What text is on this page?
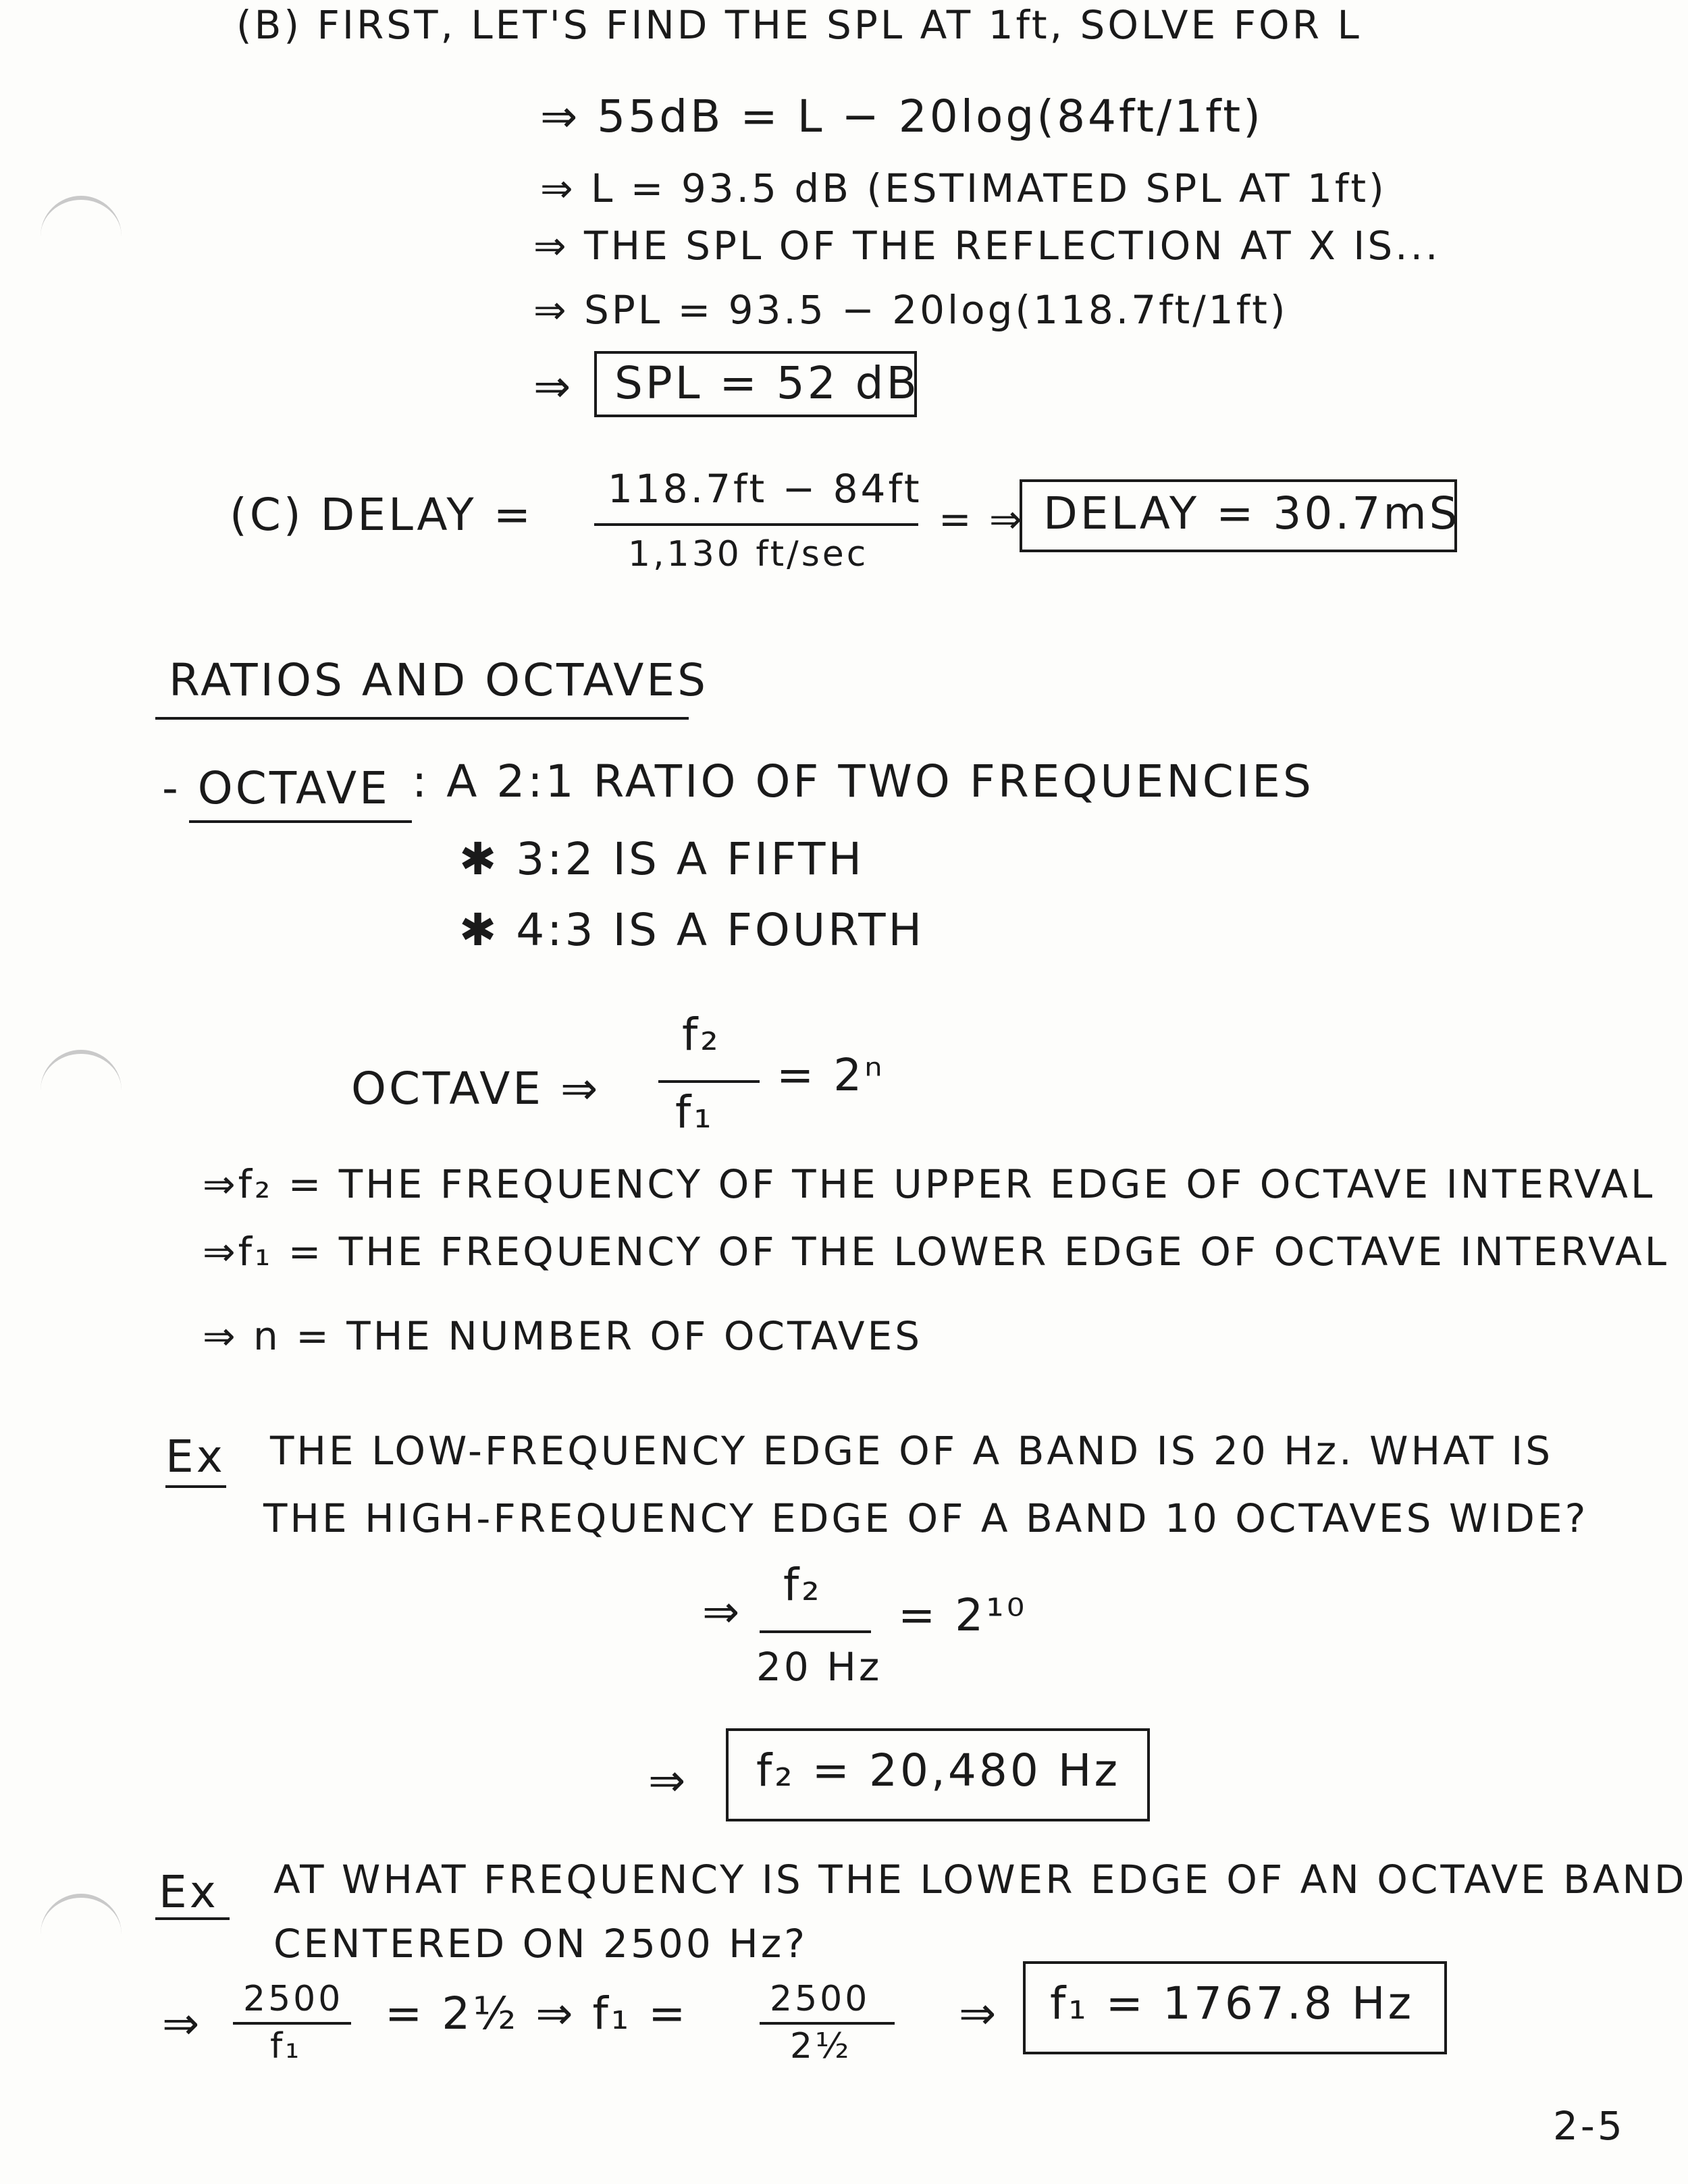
(B) FIRST, LET'S FIND THE SPL AT 1ft, SOLVE FOR L
⇒ 55dB = L − 20log(84ft/1ft)
⇒ L = 93.5 dB (ESTIMATED SPL AT 1ft)
⇒ THE SPL OF THE REFLECTION AT X IS...
⇒ SPL = 93.5 − 20log(118.7ft/1ft)
⇒ SPL = 52 dB
(C) DELAY = 118.7ft − 84ft
1,130 ft/sec
= ⇒ DELAY = 30.7mS
RATIOS AND OCTAVES
- OCTAVE : A 2:1 RATIO OF TWO FREQUENCIES
✱ 3:2 IS A FIFTH
✱ 4:3 IS A FOURTH
OCTAVE ⇒
f₂
f₁
= 2ⁿ
⇒f₂ = THE FREQUENCY OF THE UPPER EDGE OF OCTAVE INTERVAL
⇒f₁ = THE FREQUENCY OF THE LOWER EDGE OF OCTAVE INTERVAL
⇒ n = THE NUMBER OF OCTAVES
Ex THE LOW-FREQUENCY EDGE OF A BAND IS 20 Hz. WHAT IS
THE HIGH-FREQUENCY EDGE OF A BAND 10 OCTAVES WIDE?
⇒
f₂
20 Hz
= 2¹⁰
⇒ f₂ = 20,480 Hz
Ex AT WHAT FREQUENCY IS THE LOWER EDGE OF AN OCTAVE BAND
CENTERED ON 2500 Hz?
⇒ 2500
f₁
= 2½ ⇒ f₁ = 2500
2½
⇒ f₁ = 1767.8 Hz
2-5
